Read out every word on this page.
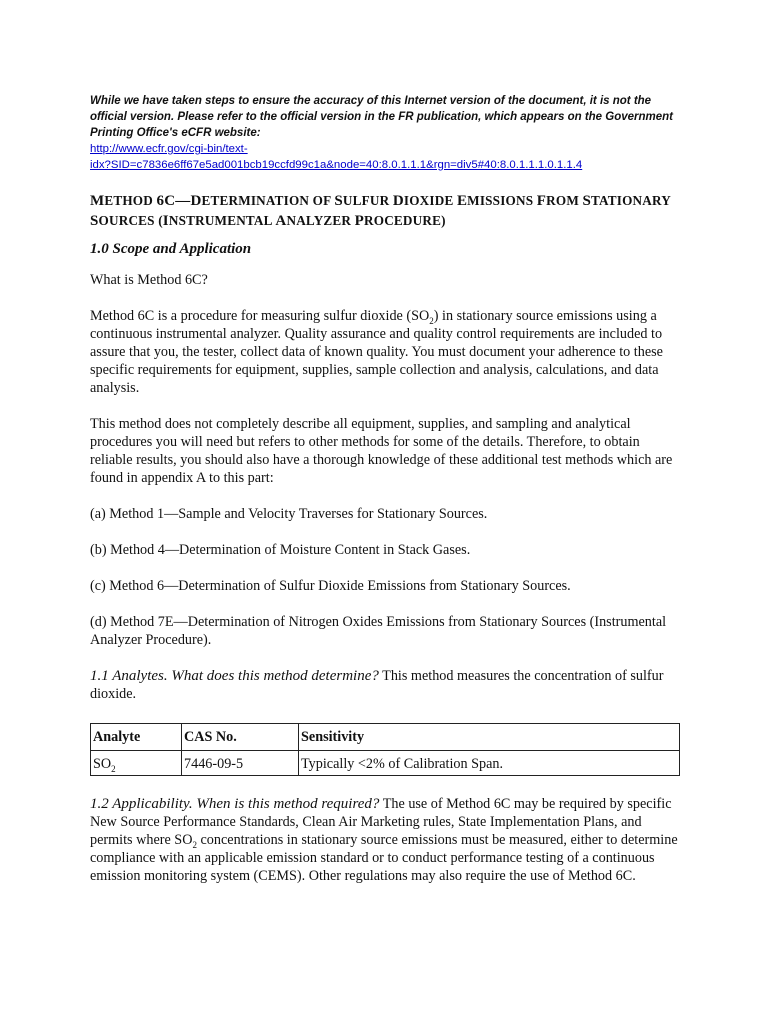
While we have taken steps to ensure the accuracy of this Internet version of the document, it is not the official version. Please refer to the official version in the FR publication, which appears on the Government Printing Office's eCFR website:

http://www.ecfr.gov/cgi-bin/text-
idx?SID=c7836e6ff67e5ad001bcb19ccfd99c1a&node=40:8.0.1.1.1&rgn=div5#40:8.0.1.1.1.0.1.1.4
METHOD 6C—DETERMINATION OF SULFUR DIOXIDE EMISSIONS FROM STATIONARY
SOURCES (INSTRUMENTAL ANALYZER PROCEDURE)
1.0 Scope and Application

What is Method 6C?

Method 6C is a procedure for measuring sulfur dioxide $(SO_2)$ in stationary source emissions using a continuous instrumental analyzer. Quality assurance and quality control requirements are included to assure that you, the tester, collect data of known quality. You must document your adherence to these specific requirements for equipment, supplies, sample collection and analysis, calculations, and data analysis.

This method does not completely describe all equipment, supplies, and sampling and analytical procedures you will need but refers to other methods for some of the details. Therefore, to obtain reliable results, you should also have a thorough knowledge of these additional test methods which are found in appendix A to this part:

(a) Method 1—Sample and Velocity Traverses for Stationary Sources.

(b) Method 4—Determination of Moisture Content in Stack Gases.

(c) Method 6—Determination of Sulfur Dioxide Emissions from Stationary Sources.

(d) Method 7E—Determination of Nitrogen Oxides Emissions from Stationary Sources (Instrumental Analyzer Procedure).

1.1 Analytes. What does this method determine? This method measures the concentration of sulfur dioxide.

Analyte	CAS No.	Sensitivity
$SO_2$	7446-09-5	Typically <2% of Calibration Span.

1.2 Applicability. When is this method required? The use of Method 6C may be required by specific New Source Performance Standards, Clean Air Marketing rules, State Implementation Plans, and permits where $SO_2$ concentrations in stationary source emissions must be measured, either to determine compliance with an applicable emission standard or to conduct performance testing of a continuous emission monitoring system (CEMS). Other regulations may also require the use of Method 6C.
